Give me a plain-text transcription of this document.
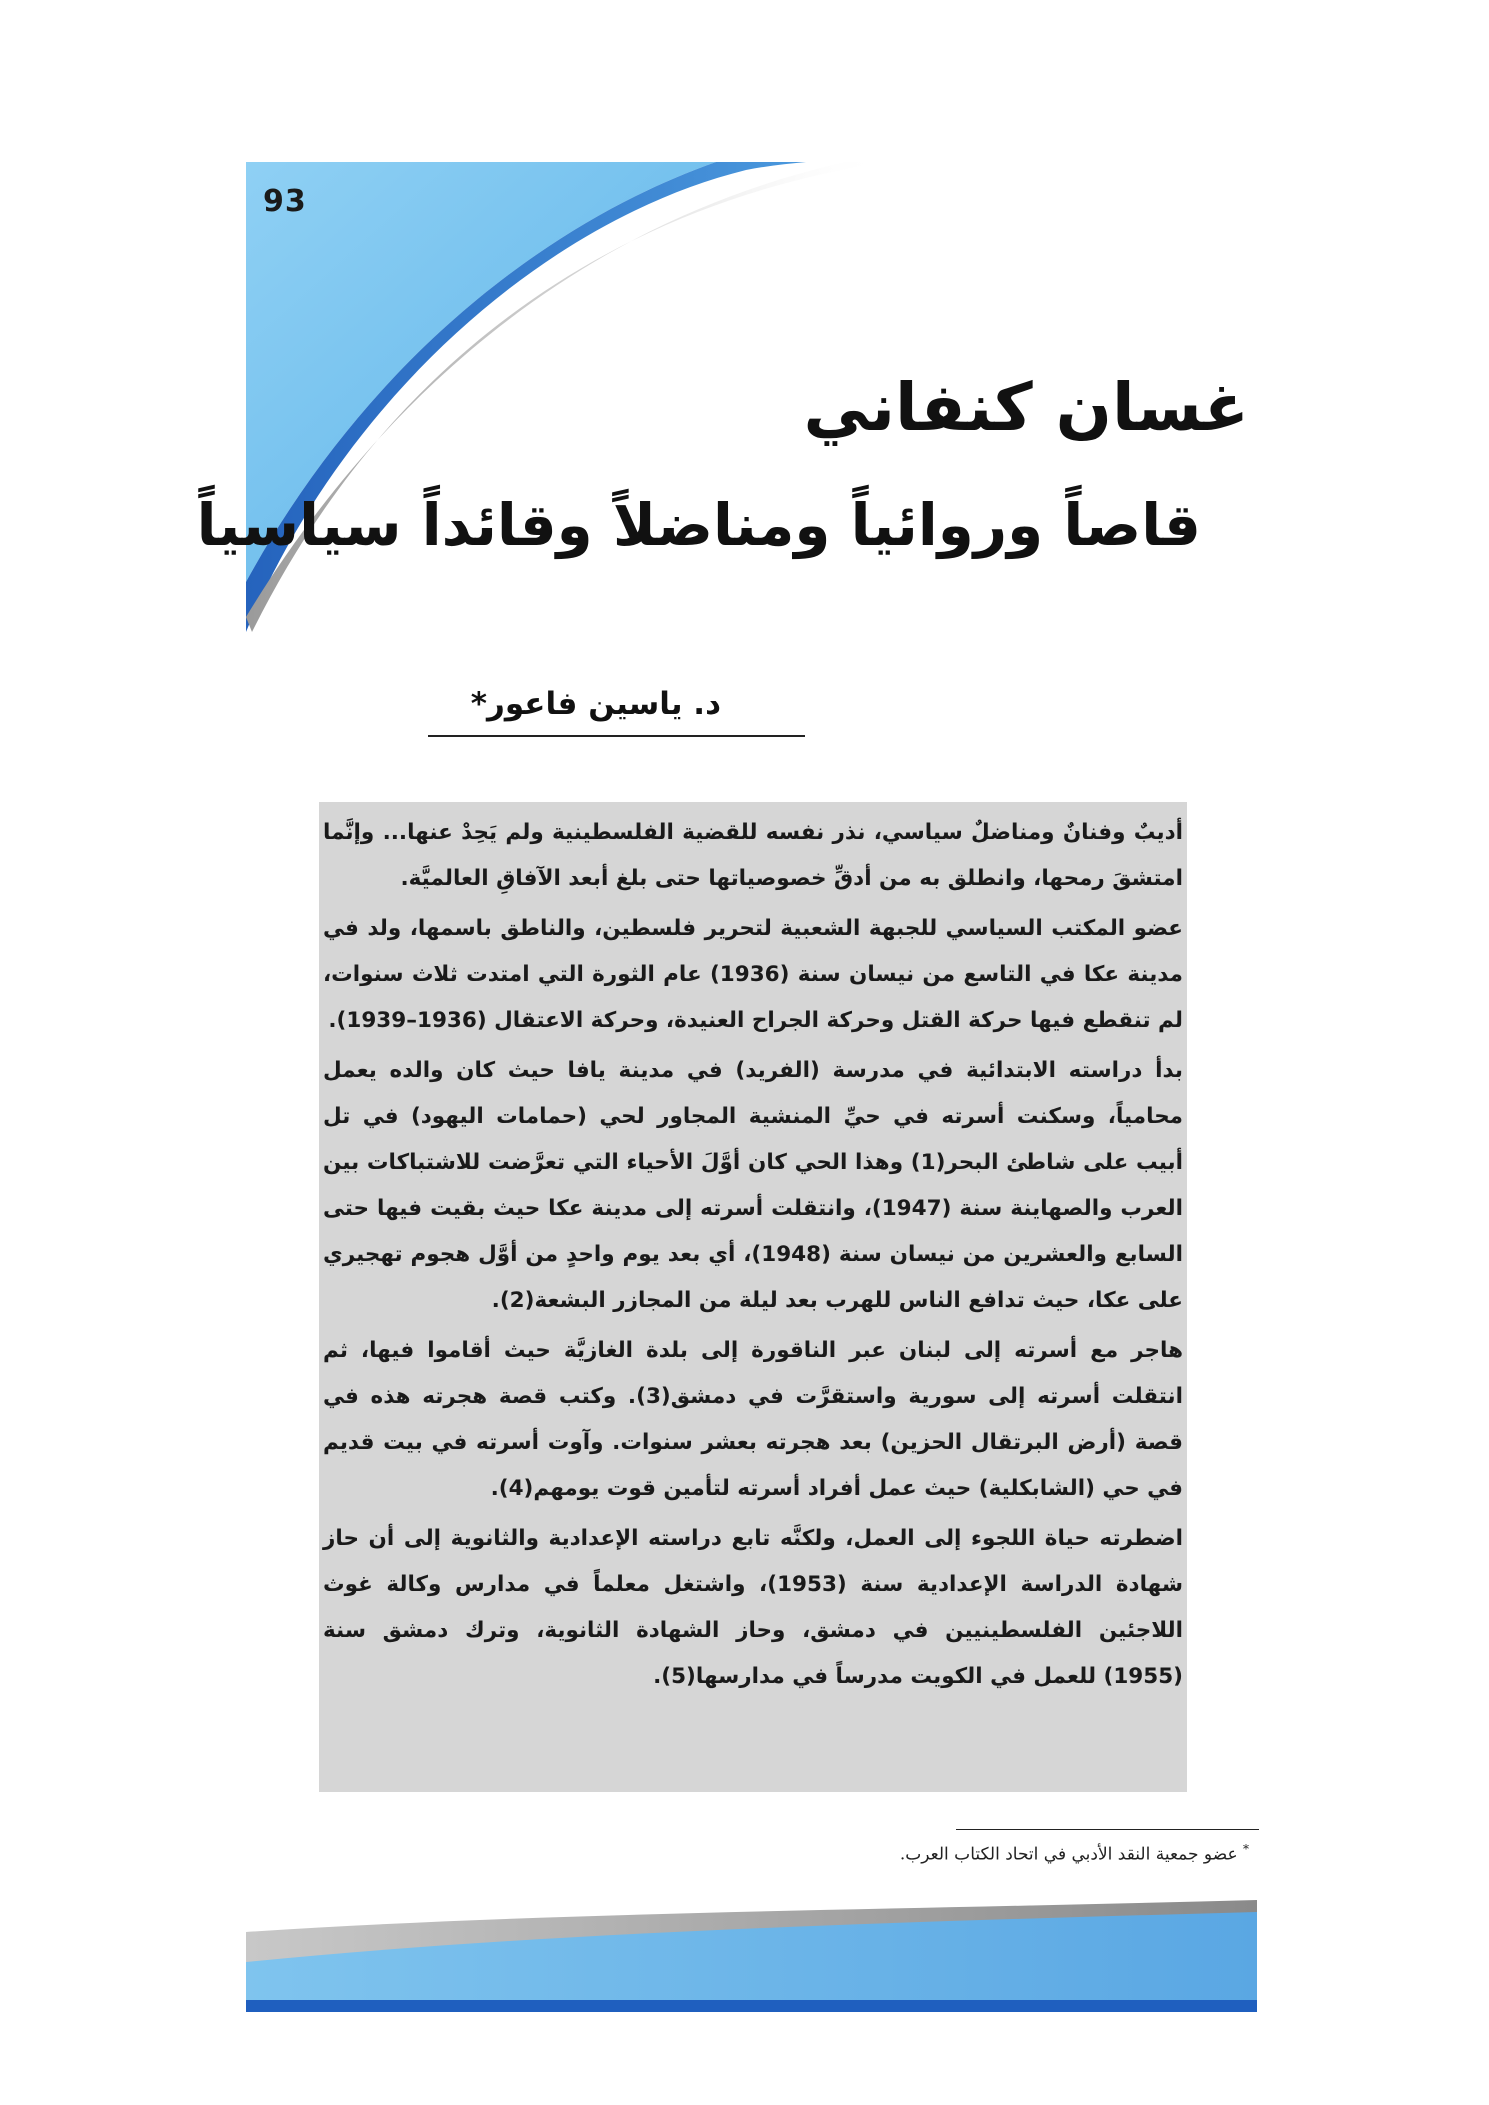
93
غسان كنفاني
قاصاً وروائياً ومناضلاً وقائداً سياسياً
د. ياسين فاعور*

أديبٌ وفنانٌ ومناضلٌ سياسي، نذر نفسه للقضية الفلسطينية ولم يَحِدْ عنها... وإنَّما امتشقَ رمحها، وانطلق به من أدقِّ خصوصياتها حتى بلغ أبعد الآفاقِ العالميَّة.

عضو المكتب السياسي للجبهة الشعبية لتحرير فلسطين، والناطق باسمها، ولد في مدينة عكا في التاسع من نيسان سنة (1936) عام الثورة التي امتدت ثلاث سنوات، لم تنقطع فيها حركة القتل وحركة الجراح العنيدة، وحركة الاعتقال (1936–1939).

بدأ دراسته الابتدائية في مدرسة (الفريد) في مدينة يافا حيث كان والده يعمل محامياً، وسكنت أسرته في حيِّ المنشية المجاور لحي (حمامات اليهود) في تل أبيب على شاطئ البحر(1) وهذا الحي كان أوَّلَ الأحياء التي تعرَّضت للاشتباكات بين العرب والصهاينة سنة (1947)، وانتقلت أسرته إلى مدينة عكا حيث بقيت فيها حتى السابع والعشرين من نيسان سنة (1948)، أي بعد يوم واحدٍ من أوَّل هجوم تهجيري على عكا، حيث تدافع الناس للهرب بعد ليلة من المجازر البشعة(2).

هاجر مع أسرته إلى لبنان عبر الناقورة إلى بلدة الغازيَّة حيث أقاموا فيها، ثم انتقلت أسرته إلى سورية واستقرَّت في دمشق(3). وكتب قصة هجرته هذه في قصة (أرض البرتقال الحزين) بعد هجرته بعشر سنوات. وآوت أسرته في بيت قديم في حي (الشابكلية) حيث عمل أفراد أسرته لتأمين قوت يومهم(4).

اضطرته حياة اللجوء إلى العمل، ولكنَّه تابع دراسته الإعدادية والثانوية إلى أن حاز شهادة الدراسة الإعدادية سنة (1953)، واشتغل معلماً في مدارس وكالة غوث اللاجئين الفلسطينيين في دمشق، وحاز الشهادة الثانوية، وترك دمشق سنة (1955) للعمل في الكويت مدرساً في مدارسها(5).

* عضو جمعية النقد الأدبي في اتحاد الكتاب العرب.
